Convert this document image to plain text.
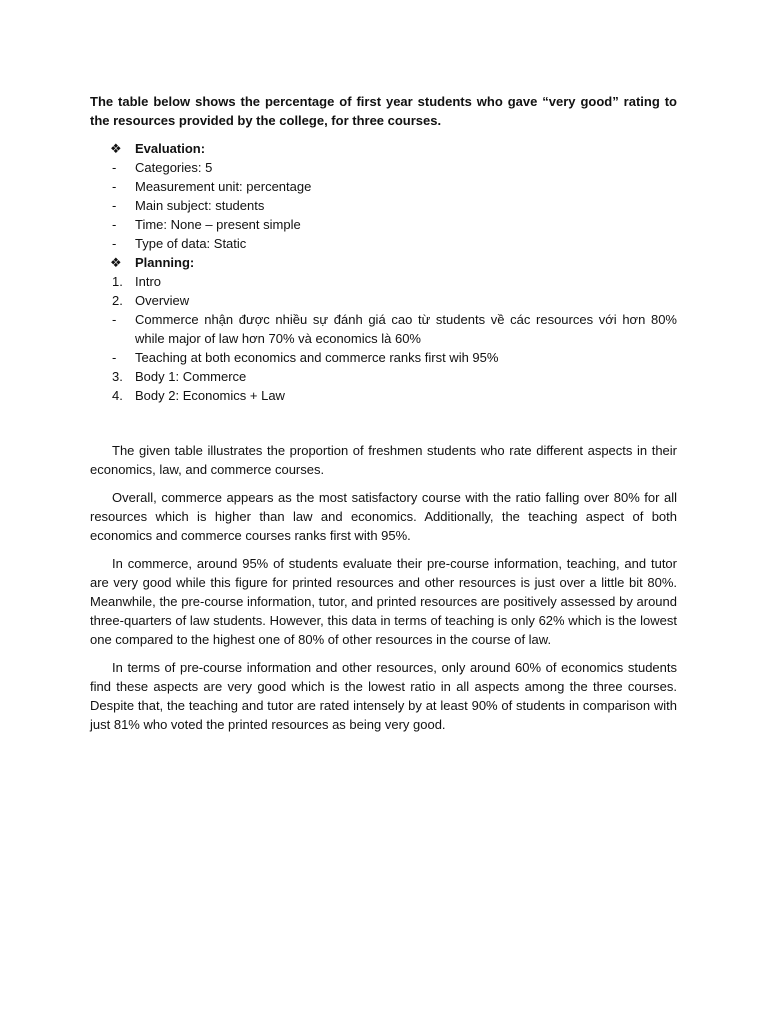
The table below shows the percentage of first year students who gave “very good” rating to the resources provided by the college, for three courses.

❖	Evaluation:
-	Categories: 5
-	Measurement unit: percentage
-	Main subject: students
-	Time: None – present simple
-	Type of data: Static
❖	Planning:
1. Intro
2. Overview
-	Commerce nhận được nhiều sự đánh giá cao từ students về các resources với hơn 80% while major of law hơn 70% và economics là 60%
-	Teaching at both economics and commerce ranks first wih 95%
3. Body 1: Commerce
4. Body 2: Economics + Law

The given table illustrates the proportion of freshmen students who rate different aspects in their economics, law, and commerce courses.

Overall, commerce appears as the most satisfactory course with the ratio falling over 80% for all resources which is higher than law and economics. Additionally, the teaching aspect of both economics and commerce courses ranks first with 95%.

In commerce, around 95% of students evaluate their pre-course information, teaching, and tutor are very good while this figure for printed resources and other resources is just over a little bit 80%. Meanwhile, the pre-course information, tutor, and printed resources are positively assessed by around three-quarters of law students. However, this data in terms of teaching is only 62% which is the lowest one compared to the highest one of 80% of other resources in the course of law.

In terms of pre-course information and other resources, only around 60% of economics students find these aspects are very good which is the lowest ratio in all aspects among the three courses. Despite that, the teaching and tutor are rated intensely by at least 90% of students in comparison with just 81% who voted the printed resources as being very good.
